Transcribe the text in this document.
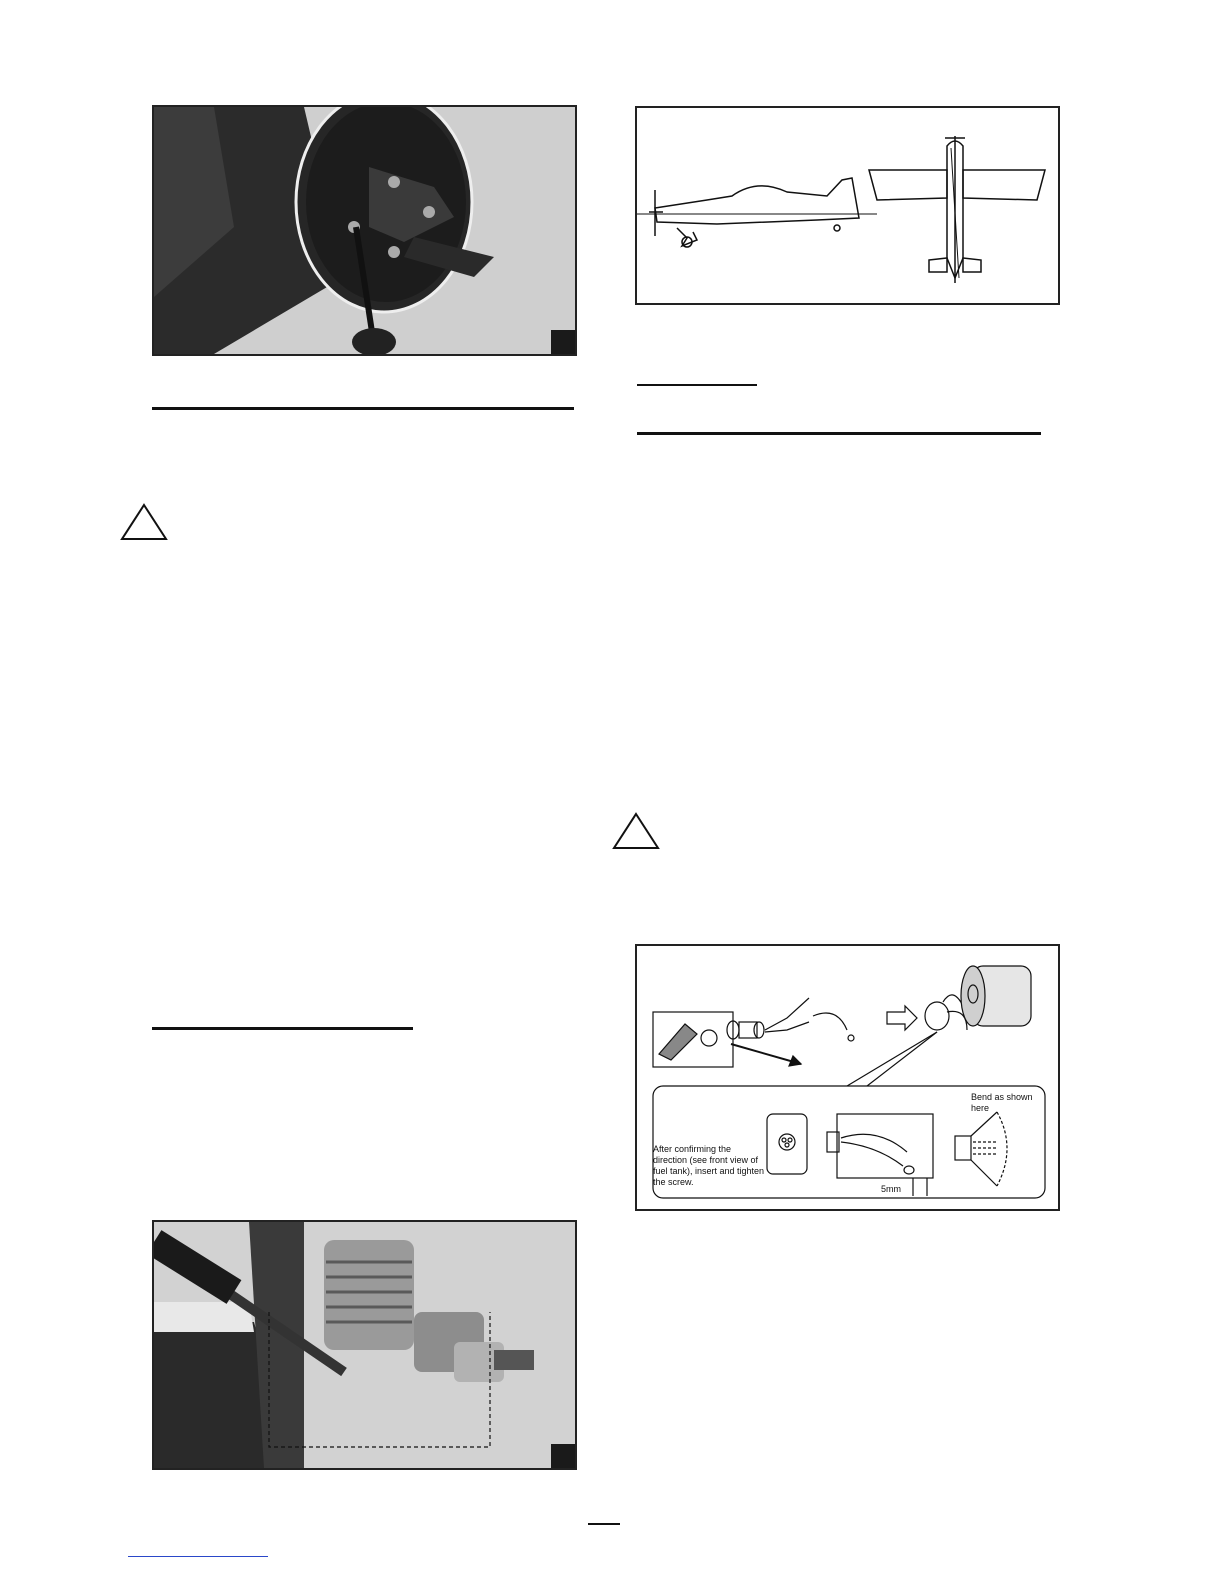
After confirming the direction (see front view of fuel tank), insert and tighten the screw.
Bend as shown here
5mm
